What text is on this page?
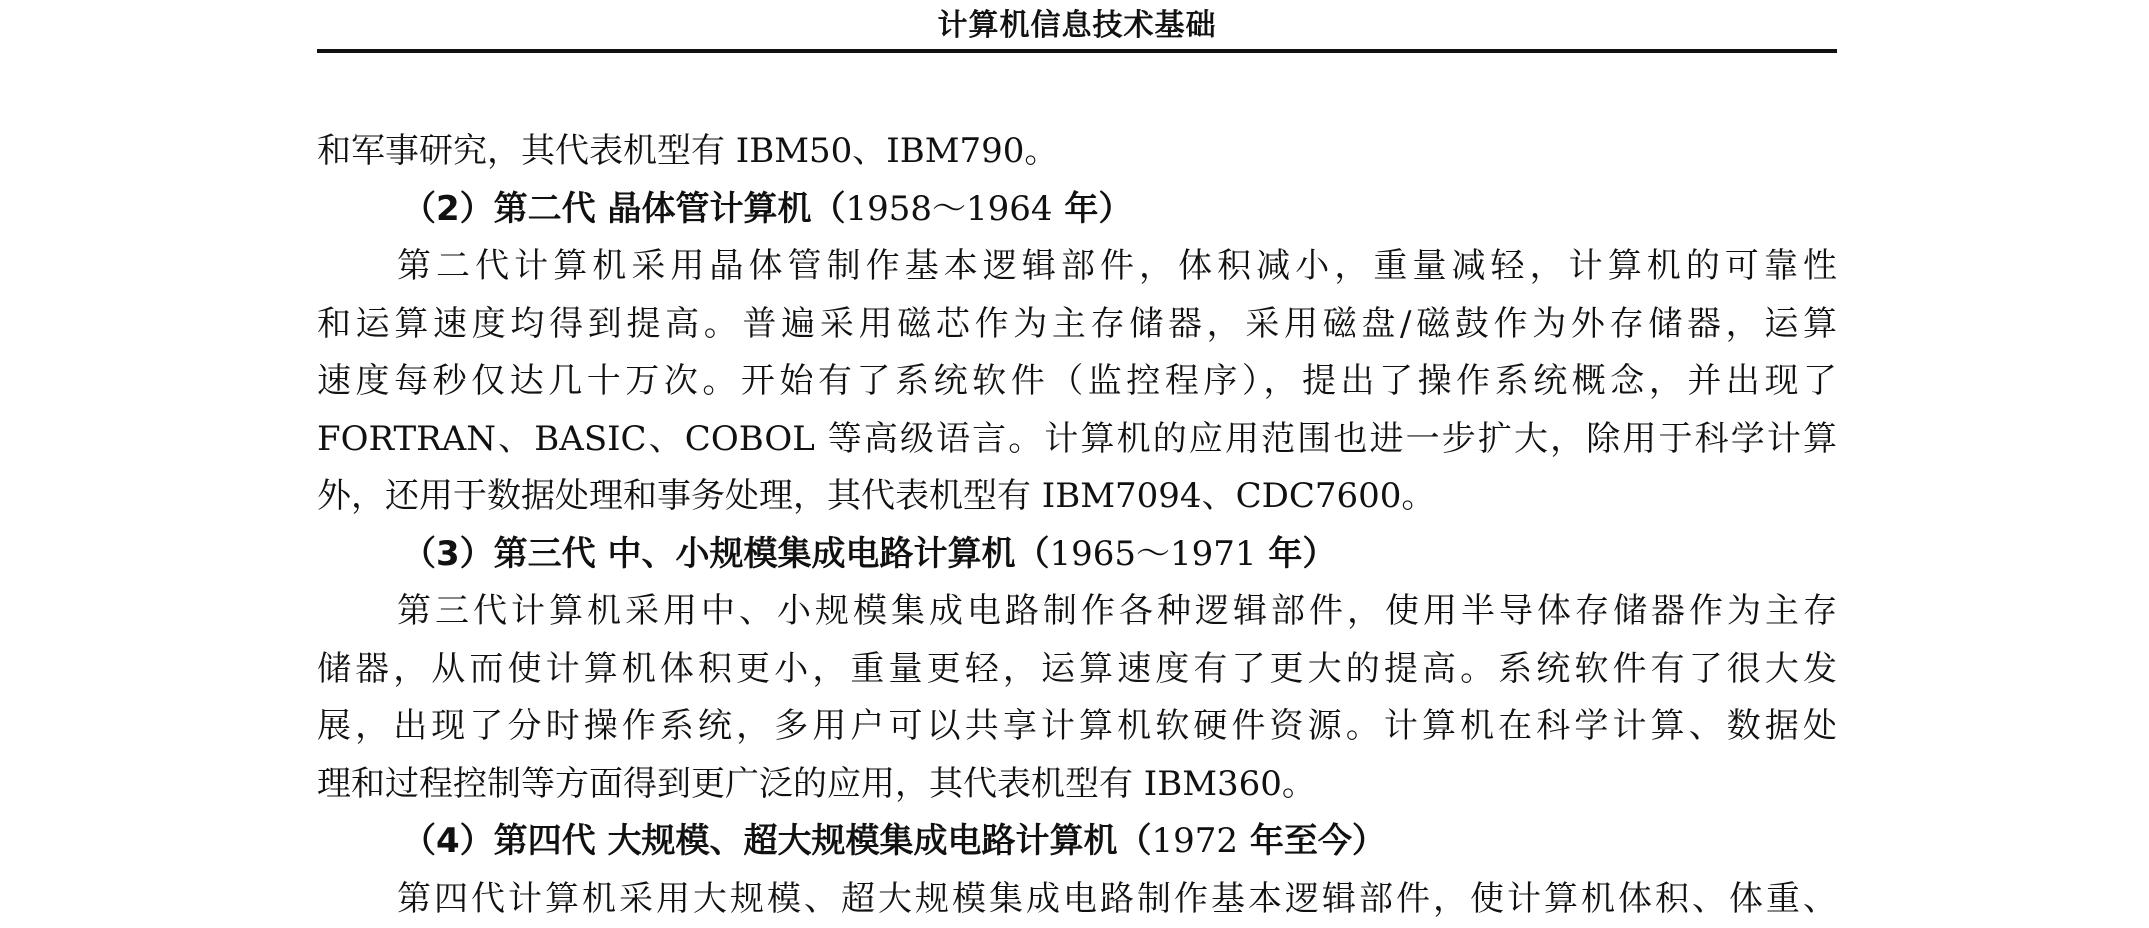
计算机信息技术基础
和军事研究，其代表机型有 IBM50、IBM790。
（2）第二代 晶体管计算机（1958～1964 年）
第二代计算机采用晶体管制作基本逻辑部件，体积减小，重量减轻，计算机的可靠性
和运算速度均得到提高。普遍采用磁芯作为主存储器，采用磁盘/磁鼓作为外存储器，运算
速度每秒仅达几十万次。开始有了系统软件（监控程序），提出了操作系统概念，并出现了
FORTRAN、BASIC、COBOL 等高级语言。计算机的应用范围也进一步扩大，除用于科学计算
外，还用于数据处理和事务处理，其代表机型有 IBM7094、CDC7600。
（3）第三代 中、小规模集成电路计算机（1965～1971 年）
第三代计算机采用中、小规模集成电路制作各种逻辑部件，使用半导体存储器作为主存
储器，从而使计算机体积更小，重量更轻，运算速度有了更大的提高。系统软件有了很大发
展，出现了分时操作系统，多用户可以共享计算机软硬件资源。计算机在科学计算、数据处
理和过程控制等方面得到更广泛的应用，其代表机型有 IBM360。
（4）第四代 大规模、超大规模集成电路计算机（1972 年至今）
第四代计算机采用大规模、超大规模集成电路制作基本逻辑部件，使计算机体积、体重、
